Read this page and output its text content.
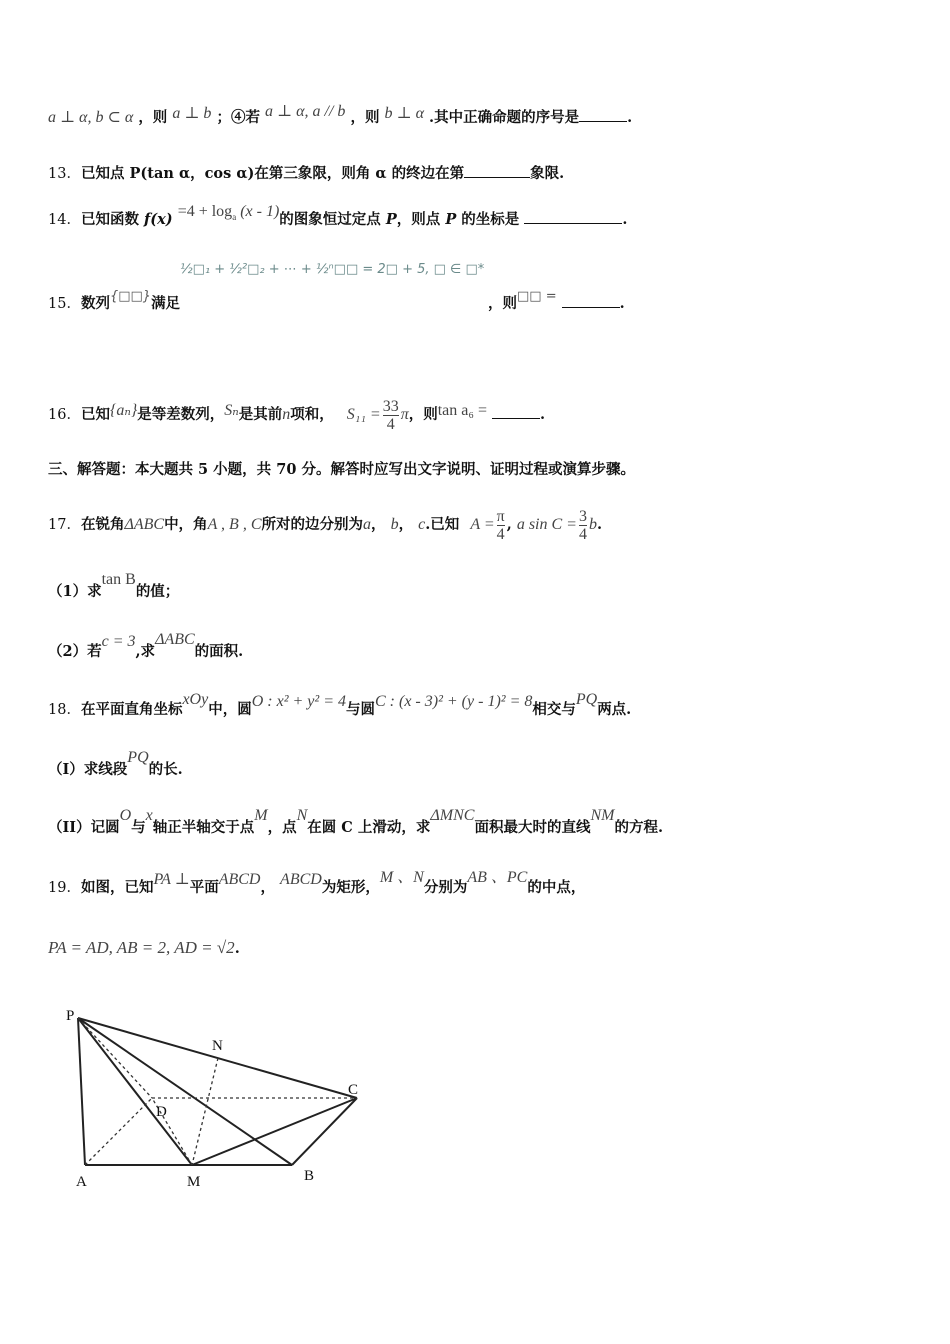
a ⊥ α, b ⊂ α ，则 a ⊥ b ；④若 a ⊥ α, a // b ，则 b ⊥ α .其中正确命题的序号是	.
13．已知点 P(tan α，cos α)在第三象限，则角 α 的终边在第	象限.
14．已知函数 $f(x) =4 + \log_a (x - 1)$的图象恒过定点 P，则点 P 的坐标是	.
15．数列{□□}满足
½□₁ + ½²□₂ + ⋯ + ½ⁿ□□ = 2□ + 5, □ ∈ □*
，则□□ =	.
16．已知{aₙ}是等差数列，Sₙ是其前n项和， $S_{11} = \frac{33}{4}$ π，则tan a₆ =	.
三、解答题：本大题共 5 小题，共 70 分。解答时应写出文字说明、证明过程或演算步骤。
17．在锐角ΔABC中，角A , B , C所对的边分别为a， b， c.已知 $A = \frac{\pi}{4}$ , a $\sin C = \frac{3}{4} b$.
（1）求tan B的值；
（2）若c = 3,求ΔABC的面积.
18．在平面直角坐标xOy中，圆O : x² + y² = 4与圆C : (x - 3)² + (y - 1)² = 8相交与PQ两点.
（I）求线段PQ的长.
（II）记圆O与x轴正半轴交于点M，点N在圆 C 上滑动，求ΔMNC面积最大时的直线NM的方程.
19．如图，已知PA ⊥平面ABCD， ABCD为矩形，M 、N分别为AB 、PC的中点，
PA = AD, AB = 2, AD = √2.
P
N
C
D
A	M	B
